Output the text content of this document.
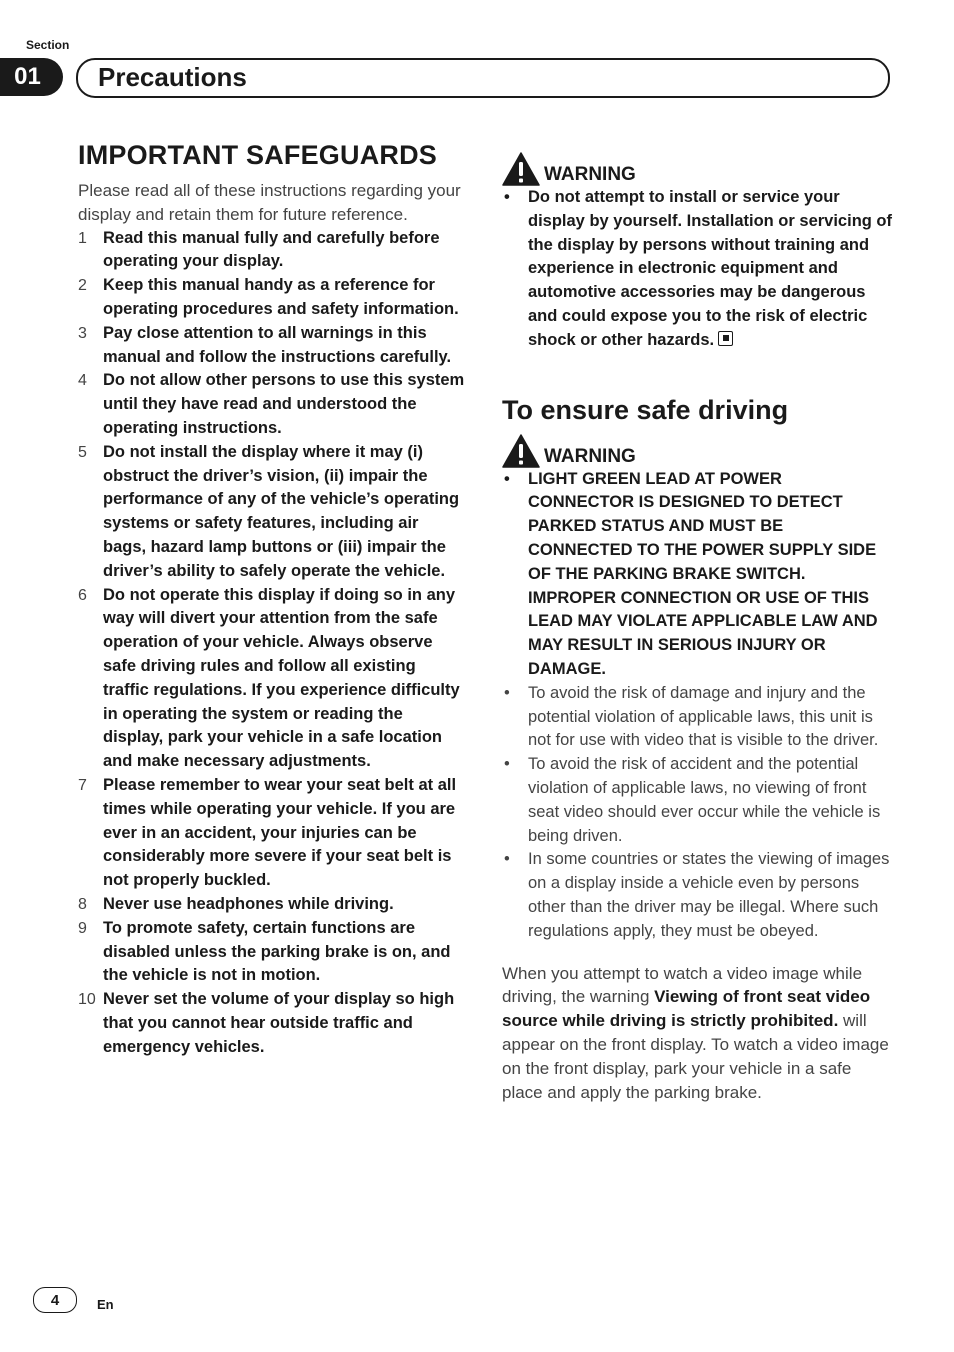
Section
01	Precautions
IMPORTANT SAFEGUARDS

Please read all of these instructions regarding your display and retain them for future reference.

1 Read this manual fully and carefully before operating your display.
2 Keep this manual handy as a reference for operating procedures and safety information.
3 Pay close attention to all warnings in this manual and follow the instructions carefully.
4 Do not allow other persons to use this system until they have read and understood the operating instructions.
5 Do not install the display where it may (i) obstruct the driver’s vision, (ii) impair the performance of any of the vehicle’s operating systems or safety features, including air bags, hazard lamp buttons or (iii) impair the driver’s ability to safely operate the vehicle.
6 Do not operate this display if doing so in any way will divert your attention from the safe operation of your vehicle. Always observe safe driving rules and follow all existing traffic regulations. If you experience difficulty in operating the system or reading the display, park your vehicle in a safe location and make necessary adjustments.
7 Please remember to wear your seat belt at all times while operating your vehicle. If you are ever in an accident, your injuries can be considerably more severe if your seat belt is not properly buckled.
8 Never use headphones while driving.
9 To promote safety, certain functions are disabled unless the parking brake is on, and the vehicle is not in motion.
10 Never set the volume of your display so high that you cannot hear outside traffic and emergency vehicles.
WARNING
•	Do not attempt to install or service your display by yourself. Installation or servicing of the display by persons without training and experience in electronic equipment and automotive accessories may be dangerous and could expose you to the risk of electric shock or other hazards.
To ensure safe driving
WARNING
•	LIGHT GREEN LEAD AT POWER CONNECTOR IS DESIGNED TO DETECT PARKED STATUS AND MUST BE CONNECTED TO THE POWER SUPPLY SIDE OF THE PARKING BRAKE SWITCH. IMPROPER CONNECTION OR USE OF THIS LEAD MAY VIOLATE APPLICABLE LAW AND MAY RESULT IN SERIOUS INJURY OR DAMAGE.
•	To avoid the risk of damage and injury and the potential violation of applicable laws, this unit is not for use with video that is visible to the driver.
•	To avoid the risk of accident and the potential violation of applicable laws, no viewing of front seat video should ever occur while the vehicle is being driven.
•	In some countries or states the viewing of images on a display inside a vehicle even by persons other than the driver may be illegal. Where such regulations apply, they must be obeyed.

When you attempt to watch a video image while driving, the warning Viewing of front seat video source while driving is strictly prohibited. will appear on the front display. To watch a video image on the front display, park your vehicle in a safe place and apply the parking brake.

4	En
